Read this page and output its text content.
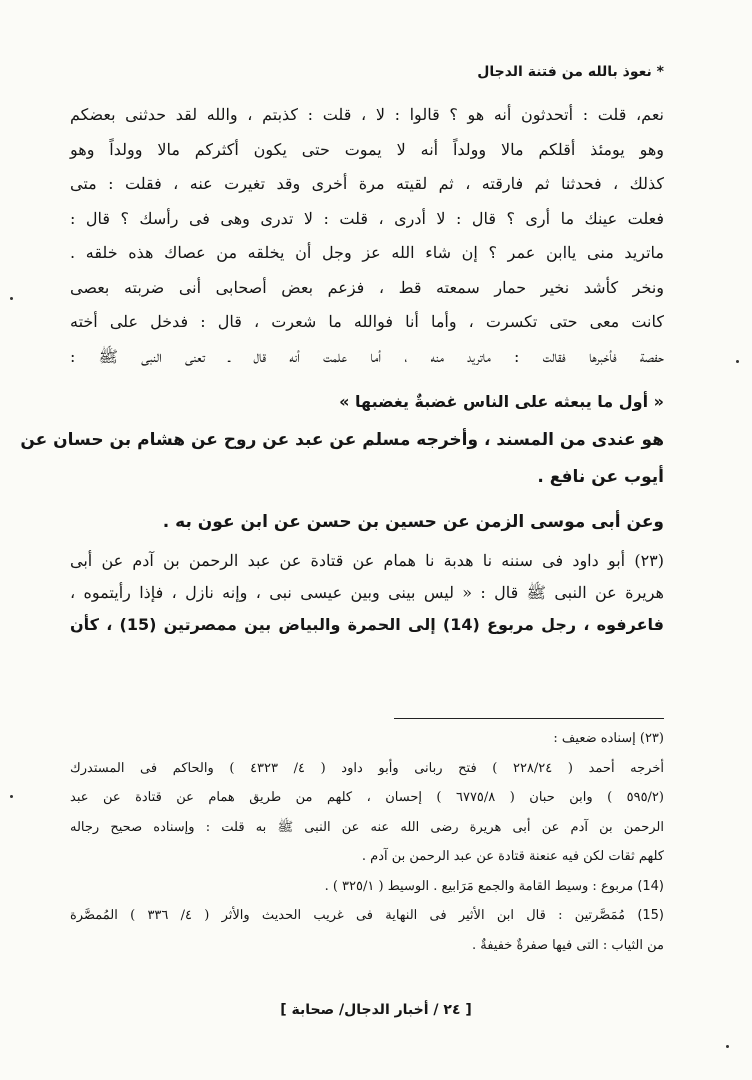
* نعوذ بالله من فتنة الدجال
نعم، قلت : أتحدثون أنه هو ؟ قالوا : لا ، قلت : كذبتم ، والله لقد حدثنى بعضكم
وهو يومئذ أقلكم مالا وولداً أنه لا يموت حتى يكون أكثركم مالا وولداً وهو
كذلك ، فحدثنا ثم فارقته ، ثم لقيته مرة أخرى وقد تغيرت عنه ، فقلت : متى
فعلت عينك ما أرى ؟ قال : لا أدرى ، قلت : لا تدرى وهى فى رأسك ؟ قال :
ماتريد منى ياابن عمر ؟ إن شاء الله عز وجل أن يخلقه من عصاك هذه خلقه .
ونخر كأشد نخير حمار سمعته قط ، فزعم بعض أصحابى أنى ضربته بعصى
كانت معى حتى تكسرت ، وأما أنا فوالله ما شعرت ، قال : فدخل على أخته
حفصة فأخبرها فقالت : ماتريد منه ، أما علمت أنه قال ـ تعنى النبى ﷺ :
« أول ما يبعثه على الناس غضبةٌ يغضبها »
هو عندى من المسند ، وأخرجه مسلم عن عبد عن روح عن هشام بن حسان عن
أيوب عن نافع .
وعن أبى موسى الزمن عن حسين بن حسن عن ابن عون به .
(٢٣) أبو داود فى سننه نا هدبة نا همام عن قتادة عن عبد الرحمن بن آدم عن أبى
هريرة عن النبى ﷺ قال : « ليس بينى وبين عيسى نبى ، وإنه نازل ، فإذا رأيتموه ،
فاعرفوه ، رجل مربوع (14) إلى الحمرة والبياض بين ممصرتين (15) ، كأن
(٢٣) إسناده ضعيف :
أخرجه أحمد ( ٢٢٨/٢٤ ) فتح ربانى وأبو داود ( ٤/ ٤٣٢٣ ) والحاكم فى المستدرك
(٥٩٥/٢ ) وابن حبان ( ٦٧٧٥/٨ ) إحسان ، كلهم من طريق همام عن قتادة عن عبد
الرحمن بن آدم عن أبى هريرة رضى الله عنه عن النبى ﷺ به قلت : وإسناده صحيح رجاله
كلهم ثقات لكن فيه عنعنة قتادة عن عبد الرحمن بن آدم .
(14) مربوع : وسيط القامة والجمع مَرَابيع . الوسيط ( ٣٢٥/١ ) .
(15) مُمَصَّرتين : قال ابن الأثير فى النهاية فى غريب الحديث والأثر ( ٤/ ٣٣٦ ) المُمصَّرة
من الثياب : التى فيها صفرةٌ خفيفةٌ .
[ ٢٤ / أخبار الدجال/ صحابة ]
